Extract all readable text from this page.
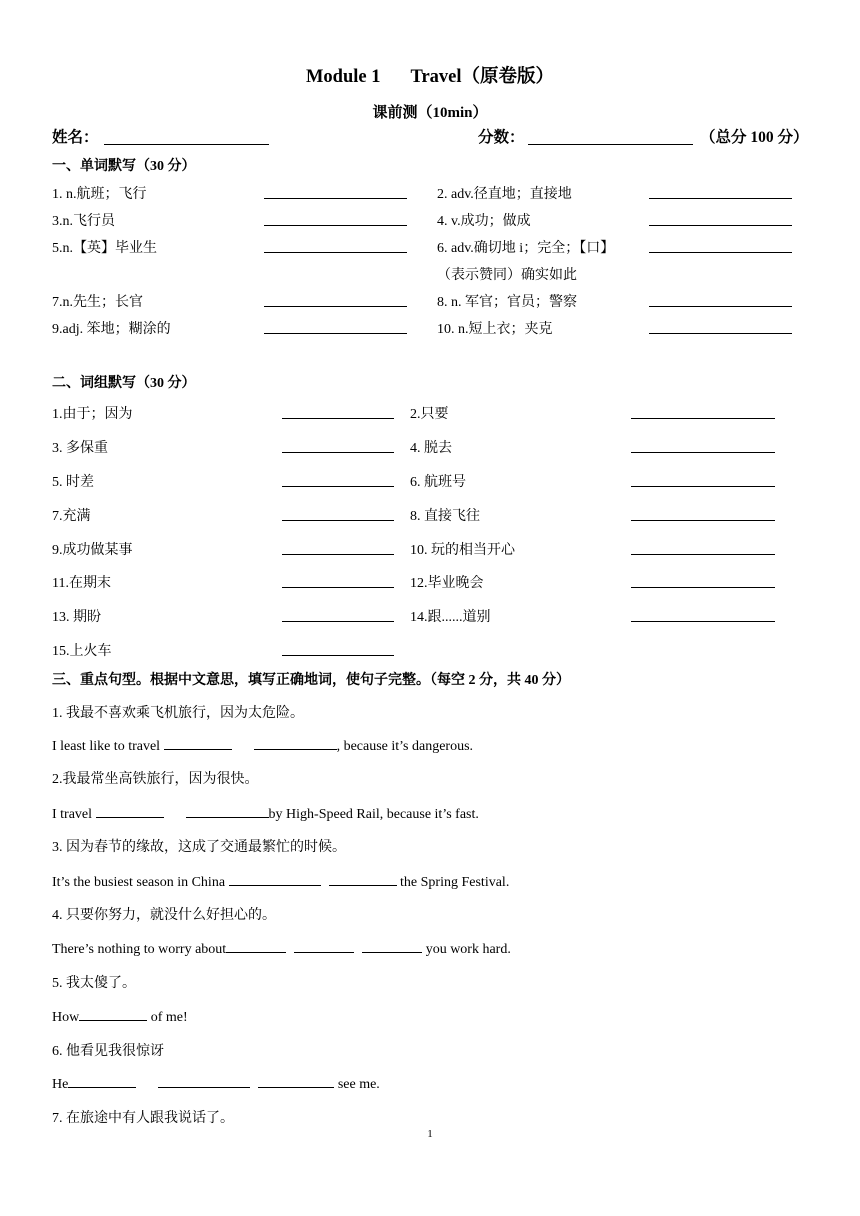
Module 1 Travel（原卷版）
课前测（10min）
姓名：	分数：	（总分 100 分）
一、单词默写（30 分）
1. n.航班；飞行	2. adv.径直地；直接地
3.n.飞行员	4. v.成功；做成
5.n.【英】毕业生	6. adv.确切地 i；完全；【口】
（表示赞同）确实如此
7.n.先生；长官	8. n. 军官；官员；警察
9.adj. 笨地；糊涂的	10. n.短上衣；夹克
二、词组默写（30 分）
1.由于；因为	2.只要
3. 多保重	4. 脱去
5. 时差	6. 航班号
7.充满	8. 直接飞往
9.成功做某事	10. 玩的相当开心
11.在期末	12.毕业晚会
13. 期盼	14.跟......道别
15.上火车
三、重点句型。根据中文意思，填写正确地词，使句子完整。（每空 2 分，共 40 分）
1. 我最不喜欢乘飞机旅行，因为太危险。
I least like to travel	, because it’s dangerous.
2.我最常坐高铁旅行，因为很快。
I travel	by High-Speed Rail, because it’s fast.
3. 因为春节的缘故，这成了交通最繁忙的时候。
It’s the busiest season in China	the Spring Festival.
4. 只要你努力，就没什么好担心的。
There’s nothing to worry about	you work hard.
5. 我太傻了。
How	of me!
6. 他看见我很惊讶
He	see me.
7. 在旅途中有人跟我说话了。
1
